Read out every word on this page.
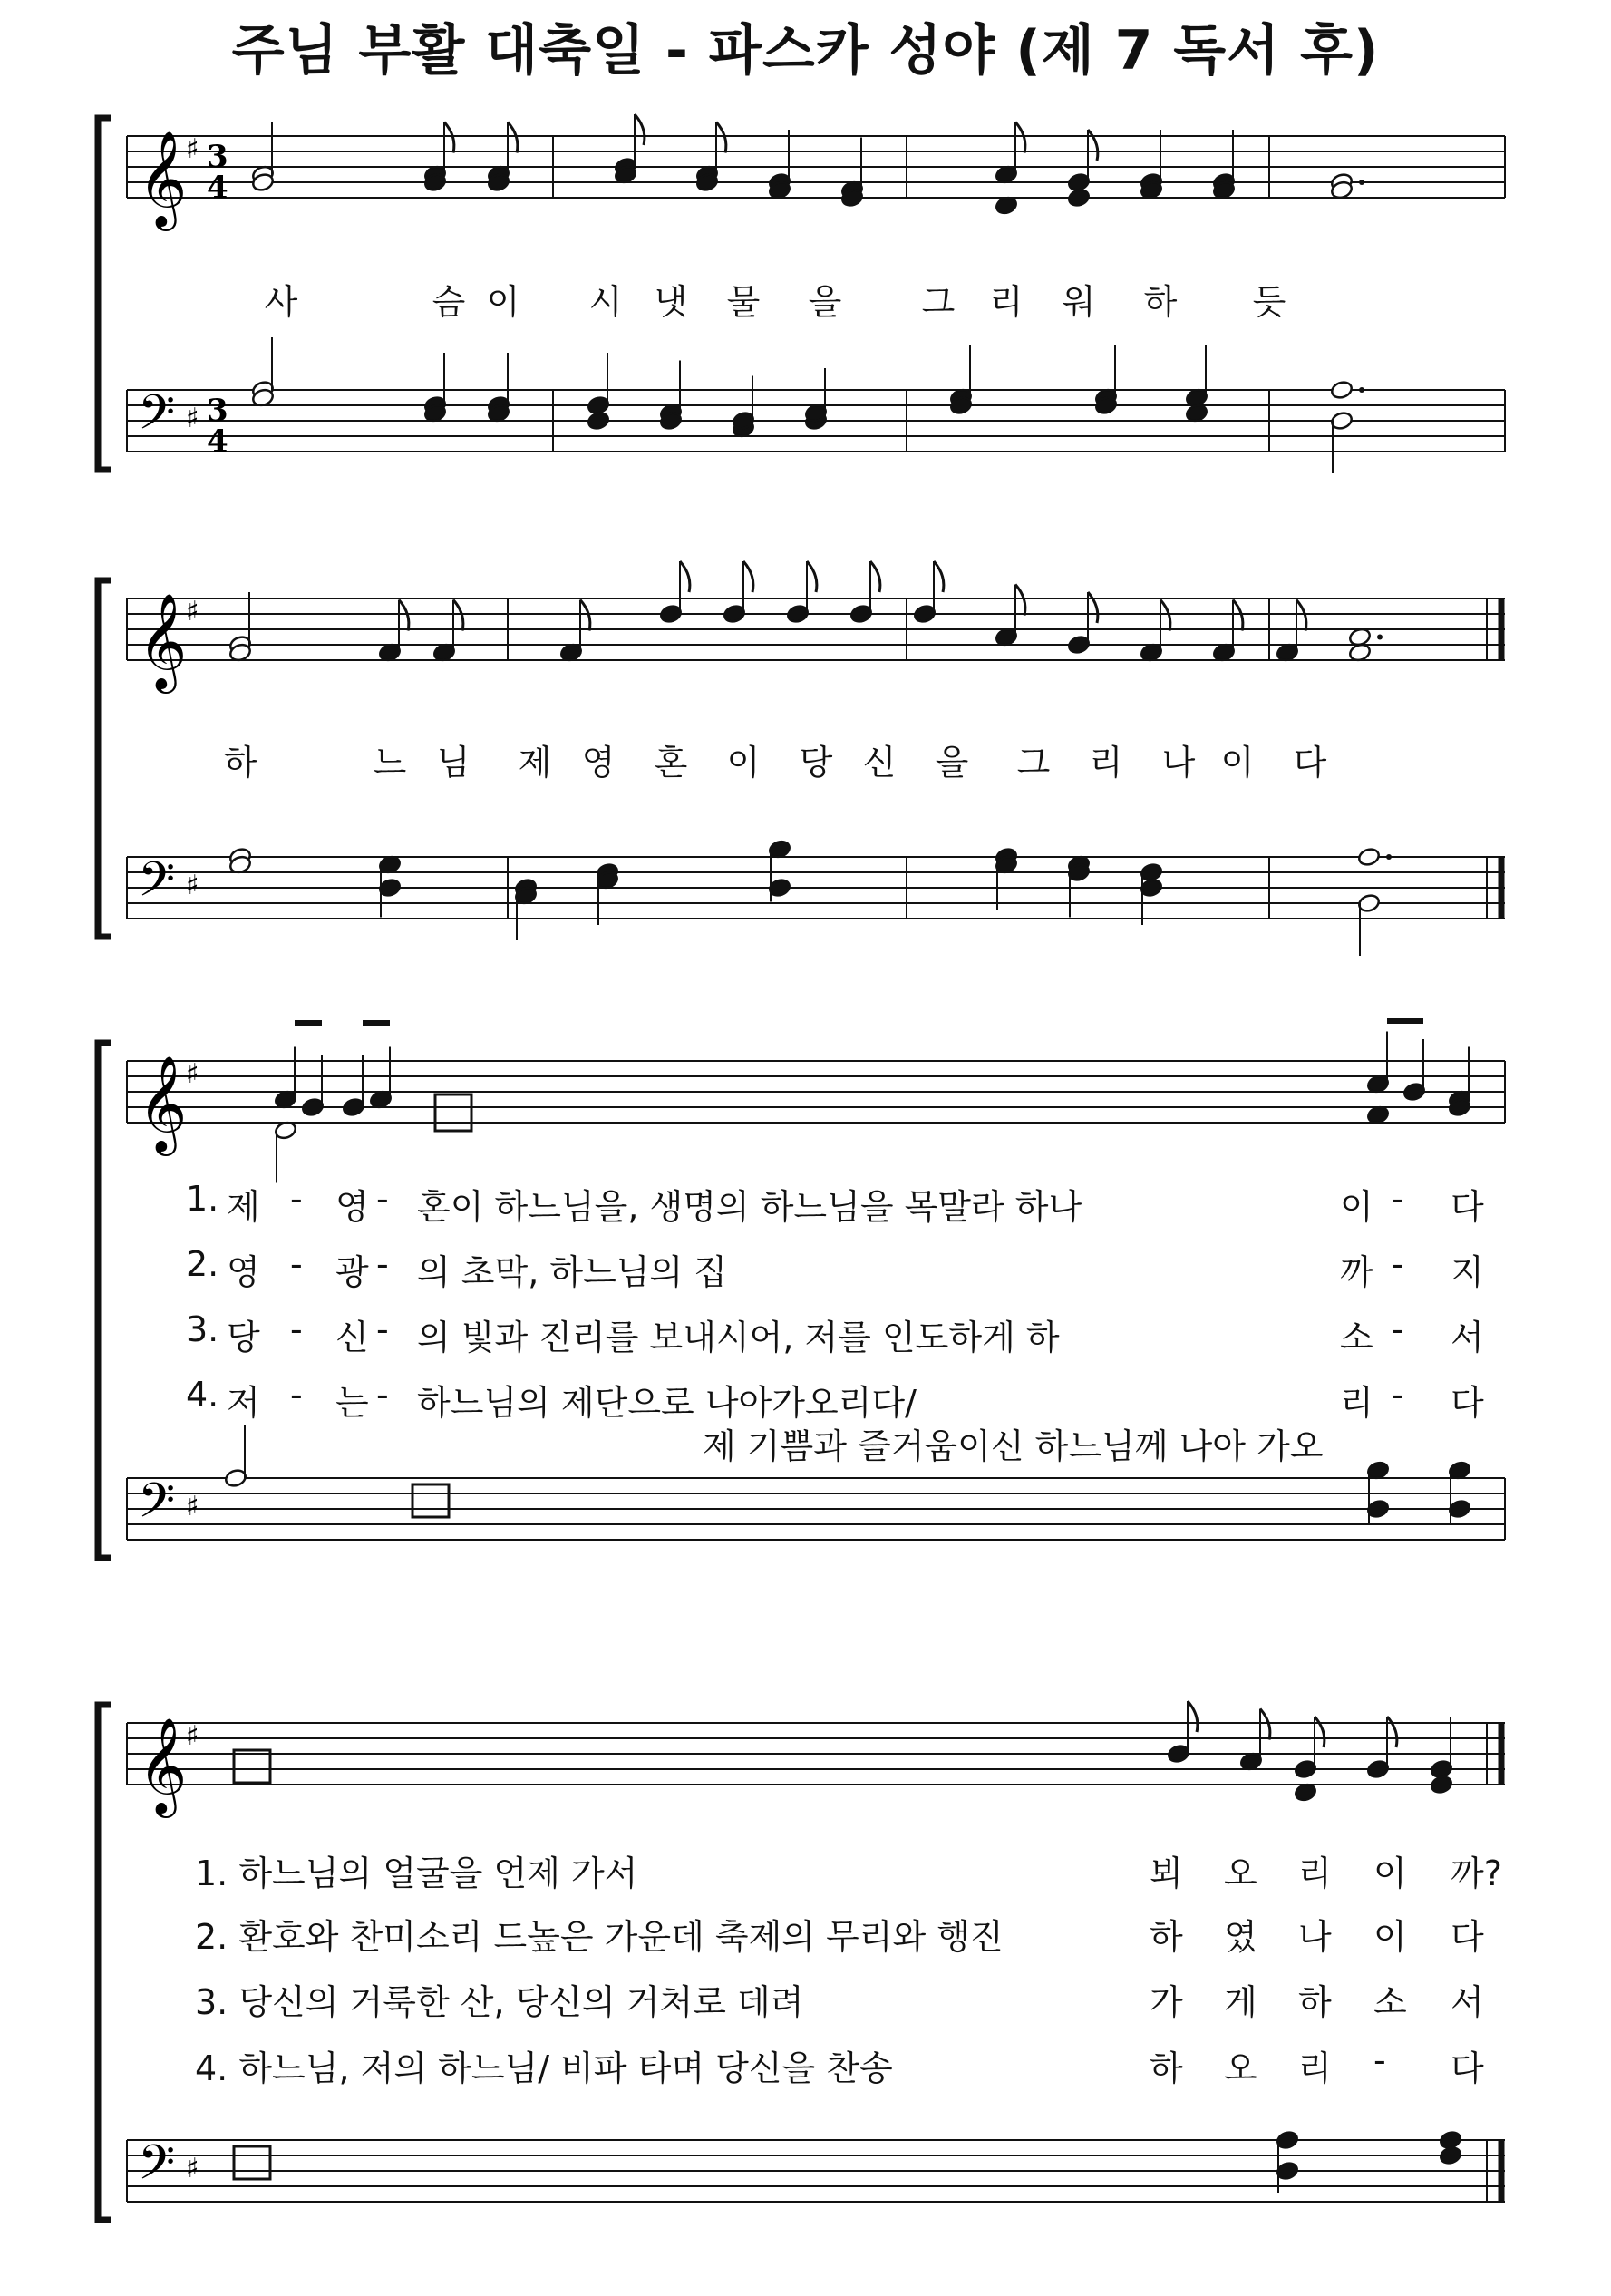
주님 부활 대축일 - 파스카 성야 (제 7 독서 후)
𝄞
𝄢
♯
♯
3
4
3
4
사	슴 이 시 냇 물 을 그 리 워 하 듯
𝄞
𝄢
♯
♯
하	느 님 제 영 혼 이 당 신 을 그 리 나 이 다
𝄞
𝄢
♯
♯
𝄞
𝄢
♯
♯
1. 제 - 영 - 혼이 하느님을, 생명의 하느님을 목말라 하나	이 - 다
2. 영 - 광 - 의 초막, 하느님의 집	까 - 지
3. 당 - 신 - 의 빛과 진리를 보내시어, 저를 인도하게 하	소 - 서
4. 저 - 는 - 하느님의 제단으로 나아가오리다/	리 - 다
제 기쁨과 즐거움이신 하느님께 나아 가오
1. 하느님의 얼굴을 언제 가서	뵈 오 리 이 까?
2. 환호와 찬미소리 드높은 가운데 축제의 무리와 행진	하 였 나 이 다
3. 당신의 거룩한 산, 당신의 거처로 데려	가 게 하 소 서
4. 하느님, 저의 하느님/ 비파 타며 당신을 찬송	하 오 리 - 다
